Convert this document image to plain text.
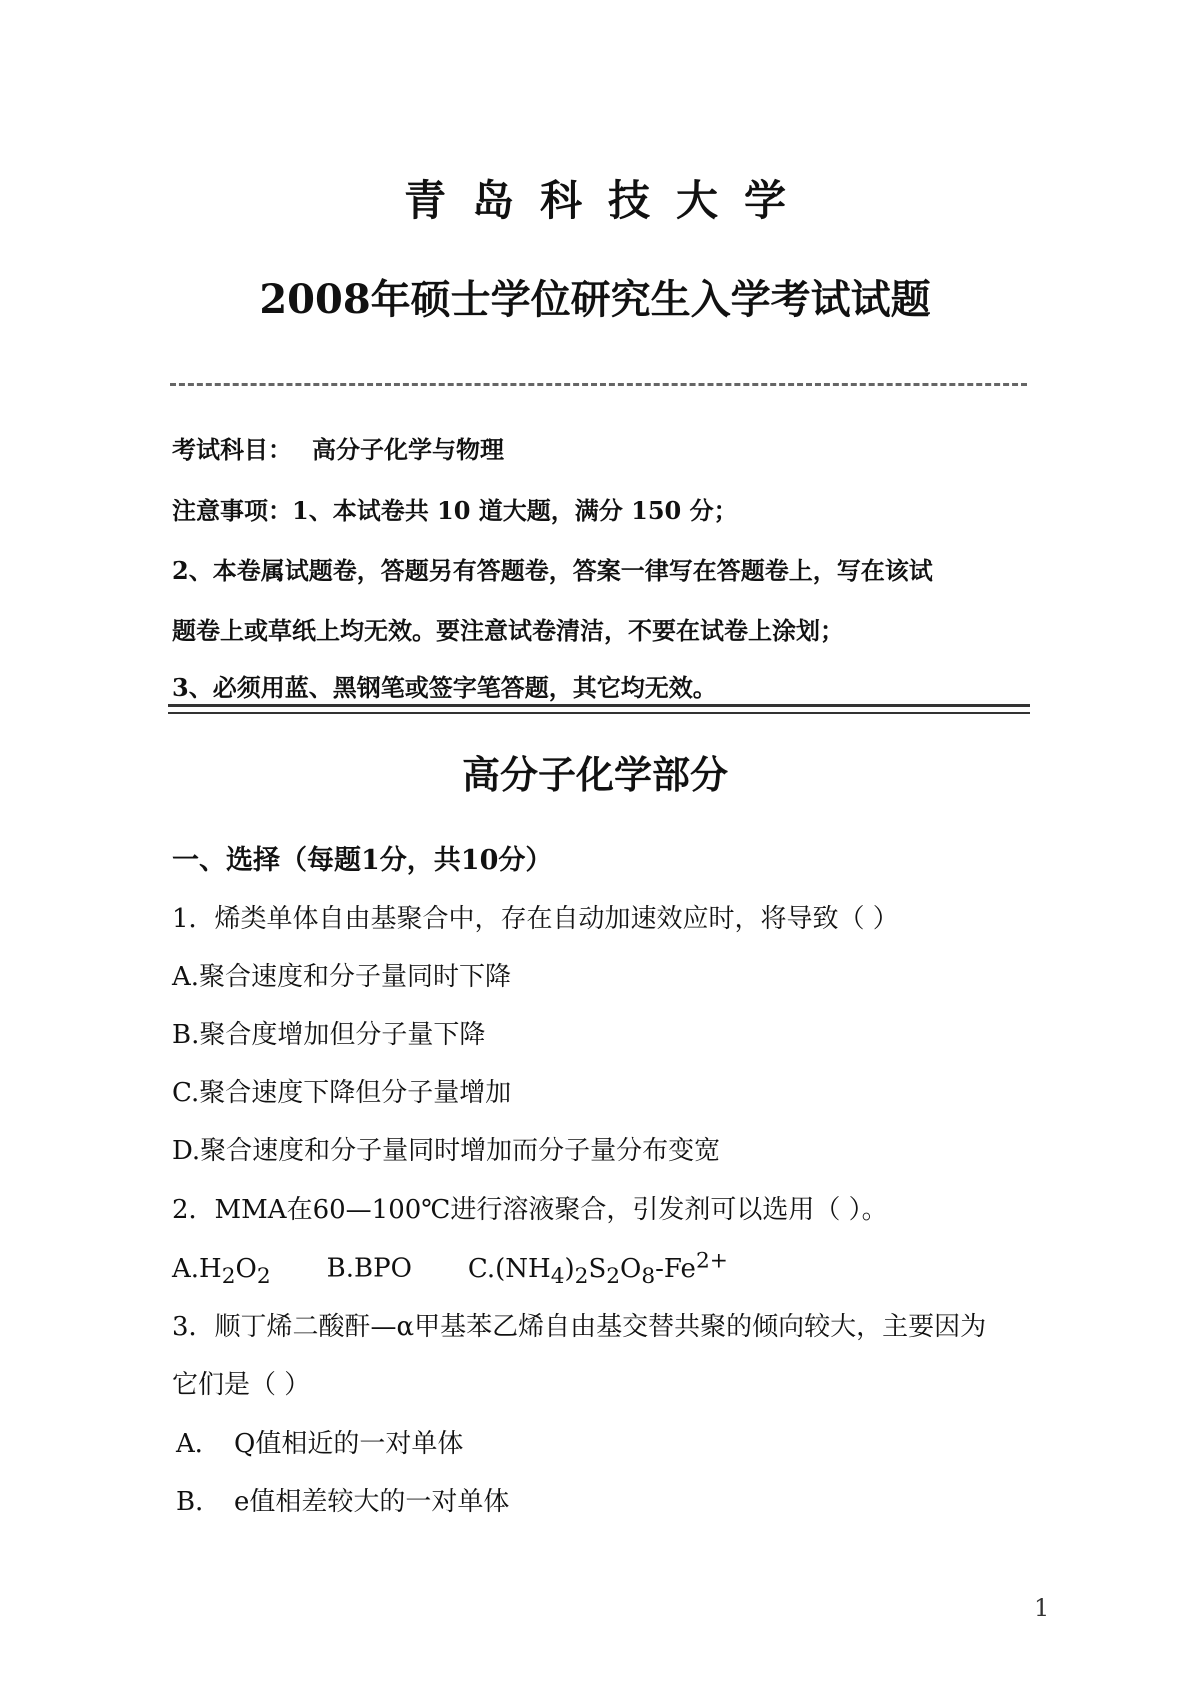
青岛科技大学
2008年硕士学位研究生入学考试试题
考试科目： 高分子化学与物理
注意事项：1、本试卷共 10 道大题，满分 150 分；
2、本卷属试题卷，答题另有答题卷，答案一律写在答题卷上，写在该试
题卷上或草纸上均无效。要注意试卷清洁，不要在试卷上涂划；
3、必须用蓝、黑钢笔或签字笔答题，其它均无效。
高分子化学部分
一、选择（每题1分，共10分）
1．烯类单体自由基聚合中，存在自动加速效应时，将导致（ ）
A.聚合速度和分子量同时下降
B.聚合度增加但分子量下降
C.聚合速度下降但分子量增加
D.聚合速度和分子量同时增加而分子量分布变宽
2．MMA在60—100℃进行溶液聚合，引发剂可以选用（ ）。
$A.H_2O_2$ B.BPO $C.(NH_4)_2S_2O_8-Fe^{2+}$
3．顺丁烯二酸酐—α甲基苯乙烯自由基交替共聚的倾向较大，主要因为
它们是（ ）
A． Q值相近的一对单体
B． e值相差较大的一对单体
1
